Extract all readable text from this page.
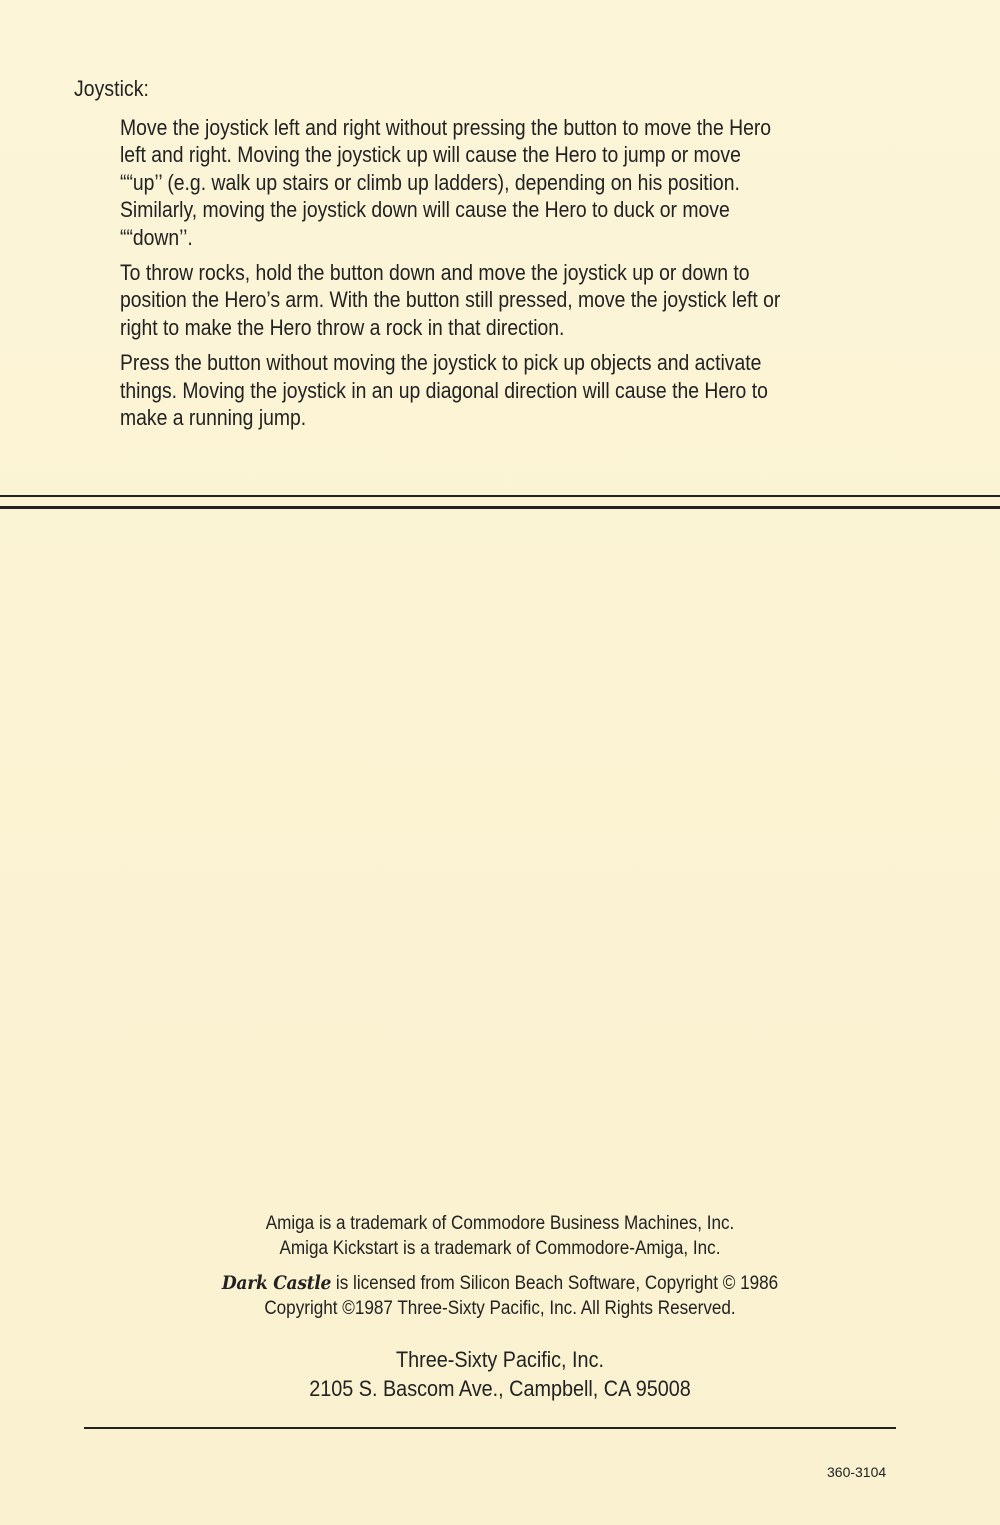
Joystick:

Move the joystick left and right without pressing the button to move the Hero
left and right. Moving the joystick up will cause the Hero to jump or move
““up’’ (e.g. walk up stairs or climb up ladders), depending on his position.
Similarly, moving the joystick down will cause the Hero to duck or move
““down’’.

To throw rocks, hold the button down and move the joystick up or down to
position the Hero’s arm. With the button still pressed, move the joystick left or
right to make the Hero throw a rock in that direction.

Press the button without moving the joystick to pick up objects and activate
things. Moving the joystick in an up diagonal direction will cause the Hero to
make a running jump.

Amiga is a trademark of Commodore Business Machines, Inc.
Amiga Kickstart is a trademark of Commodore-Amiga, Inc.
Dark Castle is licensed from Silicon Beach Software, Copyright © 1986
Copyright ©1987 Three-Sixty Pacific, Inc. All Rights Reserved.
Three-Sixty Pacific, Inc.
2105 S. Bascom Ave., Campbell, CA 95008
360-3104
